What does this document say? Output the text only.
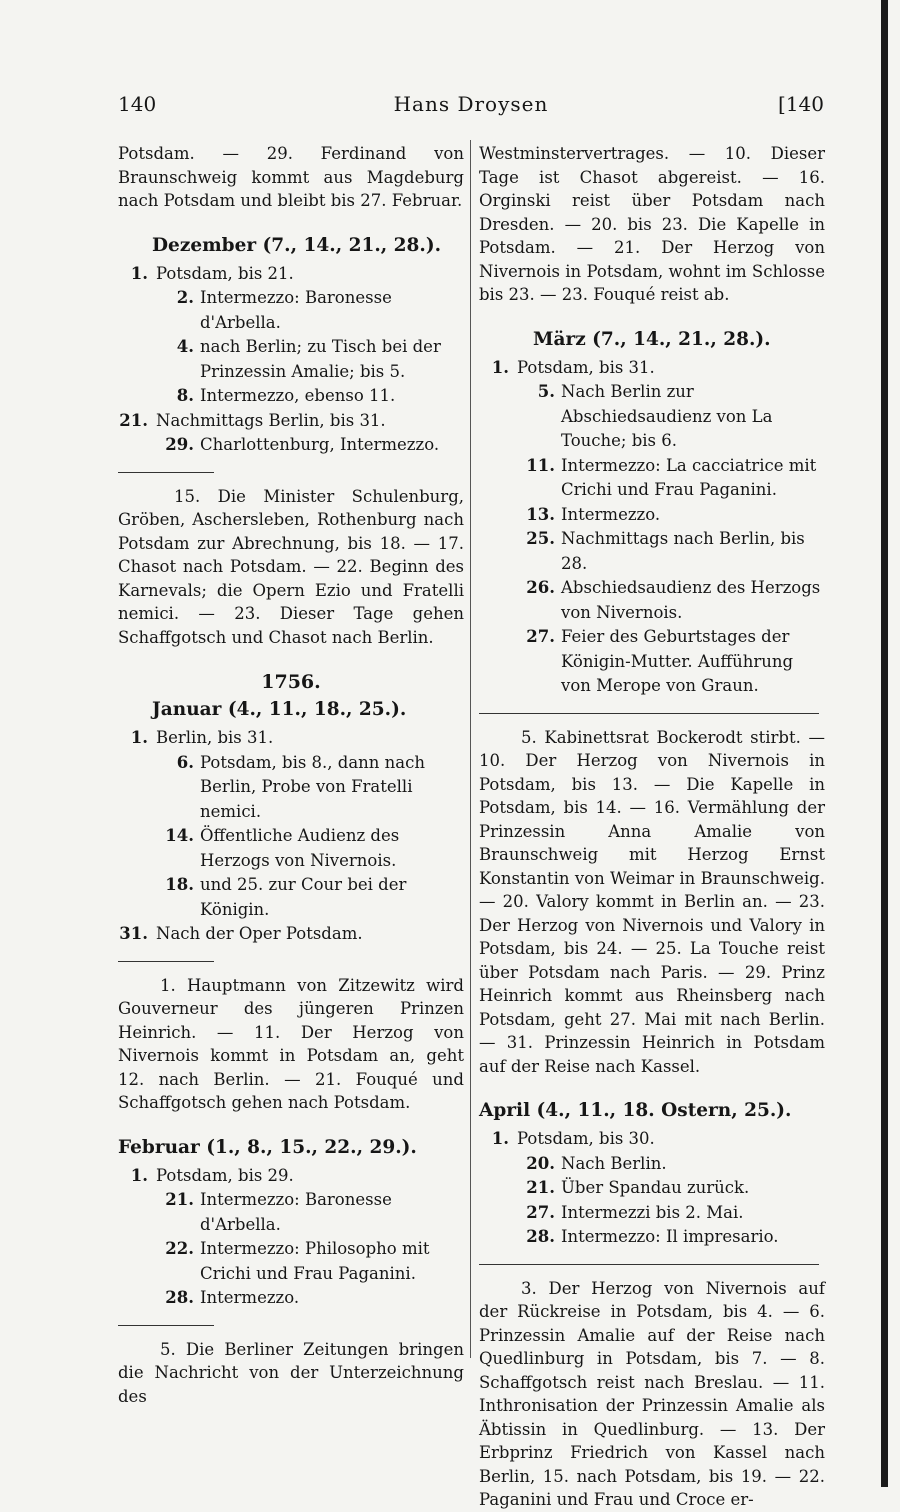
140	Hans Droysen	[140

Potsdam. — 29. Ferdinand von Braunschweig kommt aus Magdeburg nach Potsdam und bleibt bis 27. Februar.

Dezember (7., 14., 21., 28.).
1. Potsdam, bis 21.
2. Intermezzo: Baronesse d'Arbella.
4. nach Berlin; zu Tisch bei der Prinzessin Amalie; bis 5.
8. Intermezzo, ebenso 11.
21. Nachmittags Berlin, bis 31.
29. Charlottenburg, Intermezzo.

15. Die Minister Schulenburg, Gröben, Aschersleben, Rothenburg nach Potsdam zur Abrechnung, bis 18. — 17. Chasot nach Potsdam. — 22. Beginn des Karnevals; die Opern Ezio und Fratelli nemici. — 23. Dieser Tage gehen Schaffgotsch und Chasot nach Berlin.

1756.
Januar (4., 11., 18., 25.).
1. Berlin, bis 31.
6. Potsdam, bis 8., dann nach Berlin, Probe von Fratelli nemici.
14. Öffentliche Audienz des Herzogs von Nivernois.
18. und 25. zur Cour bei der Königin.
31. Nach der Oper Potsdam.

1. Hauptmann von Zitzewitz wird Gouverneur des jüngeren Prinzen Heinrich. — 11. Der Herzog von Nivernois kommt in Potsdam an, geht 12. nach Berlin. — 21. Fouqué und Schaffgotsch gehen nach Potsdam.

Februar (1., 8., 15., 22., 29.).
1. Potsdam, bis 29.
21. Intermezzo: Baronesse d'Arbella.
22. Intermezzo: Philosopho mit Crichi und Frau Paganini.
28. Intermezzo.

5. Die Berliner Zeitungen bringen die Nachricht von der Unterzeichnung des

Westminstervertrages. — 10. Dieser Tage ist Chasot abgereist. — 16. Orginski reist über Potsdam nach Dresden. — 20. bis 23. Die Kapelle in Potsdam. — 21. Der Herzog von Nivernois in Potsdam, wohnt im Schlosse bis 23. — 23. Fouqué reist ab.

März (7., 14., 21., 28.).
1. Potsdam, bis 31.
5. Nach Berlin zur Abschiedsaudienz von La Touche; bis 6.
11. Intermezzo: La cacciatrice mit Crichi und Frau Paganini.
13. Intermezzo.
25. Nachmittags nach Berlin, bis 28.
26. Abschiedsaudienz des Herzogs von Nivernois.
27. Feier des Geburtstages der Königin-Mutter. Aufführung von Merope von Graun.

5. Kabinettsrat Bockerodt stirbt. — 10. Der Herzog von Nivernois in Potsdam, bis 13. — Die Kapelle in Potsdam, bis 14. — 16. Vermählung der Prinzessin Anna Amalie von Braunschweig mit Herzog Ernst Konstantin von Weimar in Braunschweig. — 20. Valory kommt in Berlin an. — 23. Der Herzog von Nivernois und Valory in Potsdam, bis 24. — 25. La Touche reist über Potsdam nach Paris. — 29. Prinz Heinrich kommt aus Rheinsberg nach Potsdam, geht 27. Mai mit nach Berlin. — 31. Prinzessin Heinrich in Potsdam auf der Reise nach Kassel.

April (4., 11., 18. Ostern, 25.).
1. Potsdam, bis 30.
20. Nach Berlin.
21. Über Spandau zurück.
27. Intermezzi bis 2. Mai.
28. Intermezzo: Il impresario.

3. Der Herzog von Nivernois auf der Rückreise in Potsdam, bis 4. — 6. Prinzessin Amalie auf der Reise nach Quedlinburg in Potsdam, bis 7. — 8. Schaffgotsch reist nach Breslau. — 11. Inthronisation der Prinzessin Amalie als Äbtissin in Quedlinburg. — 13. Der Erbprinz Friedrich von Kassel nach Berlin, 15. nach Potsdam, bis 19. — 22. Paganini und Frau und Croce er-
